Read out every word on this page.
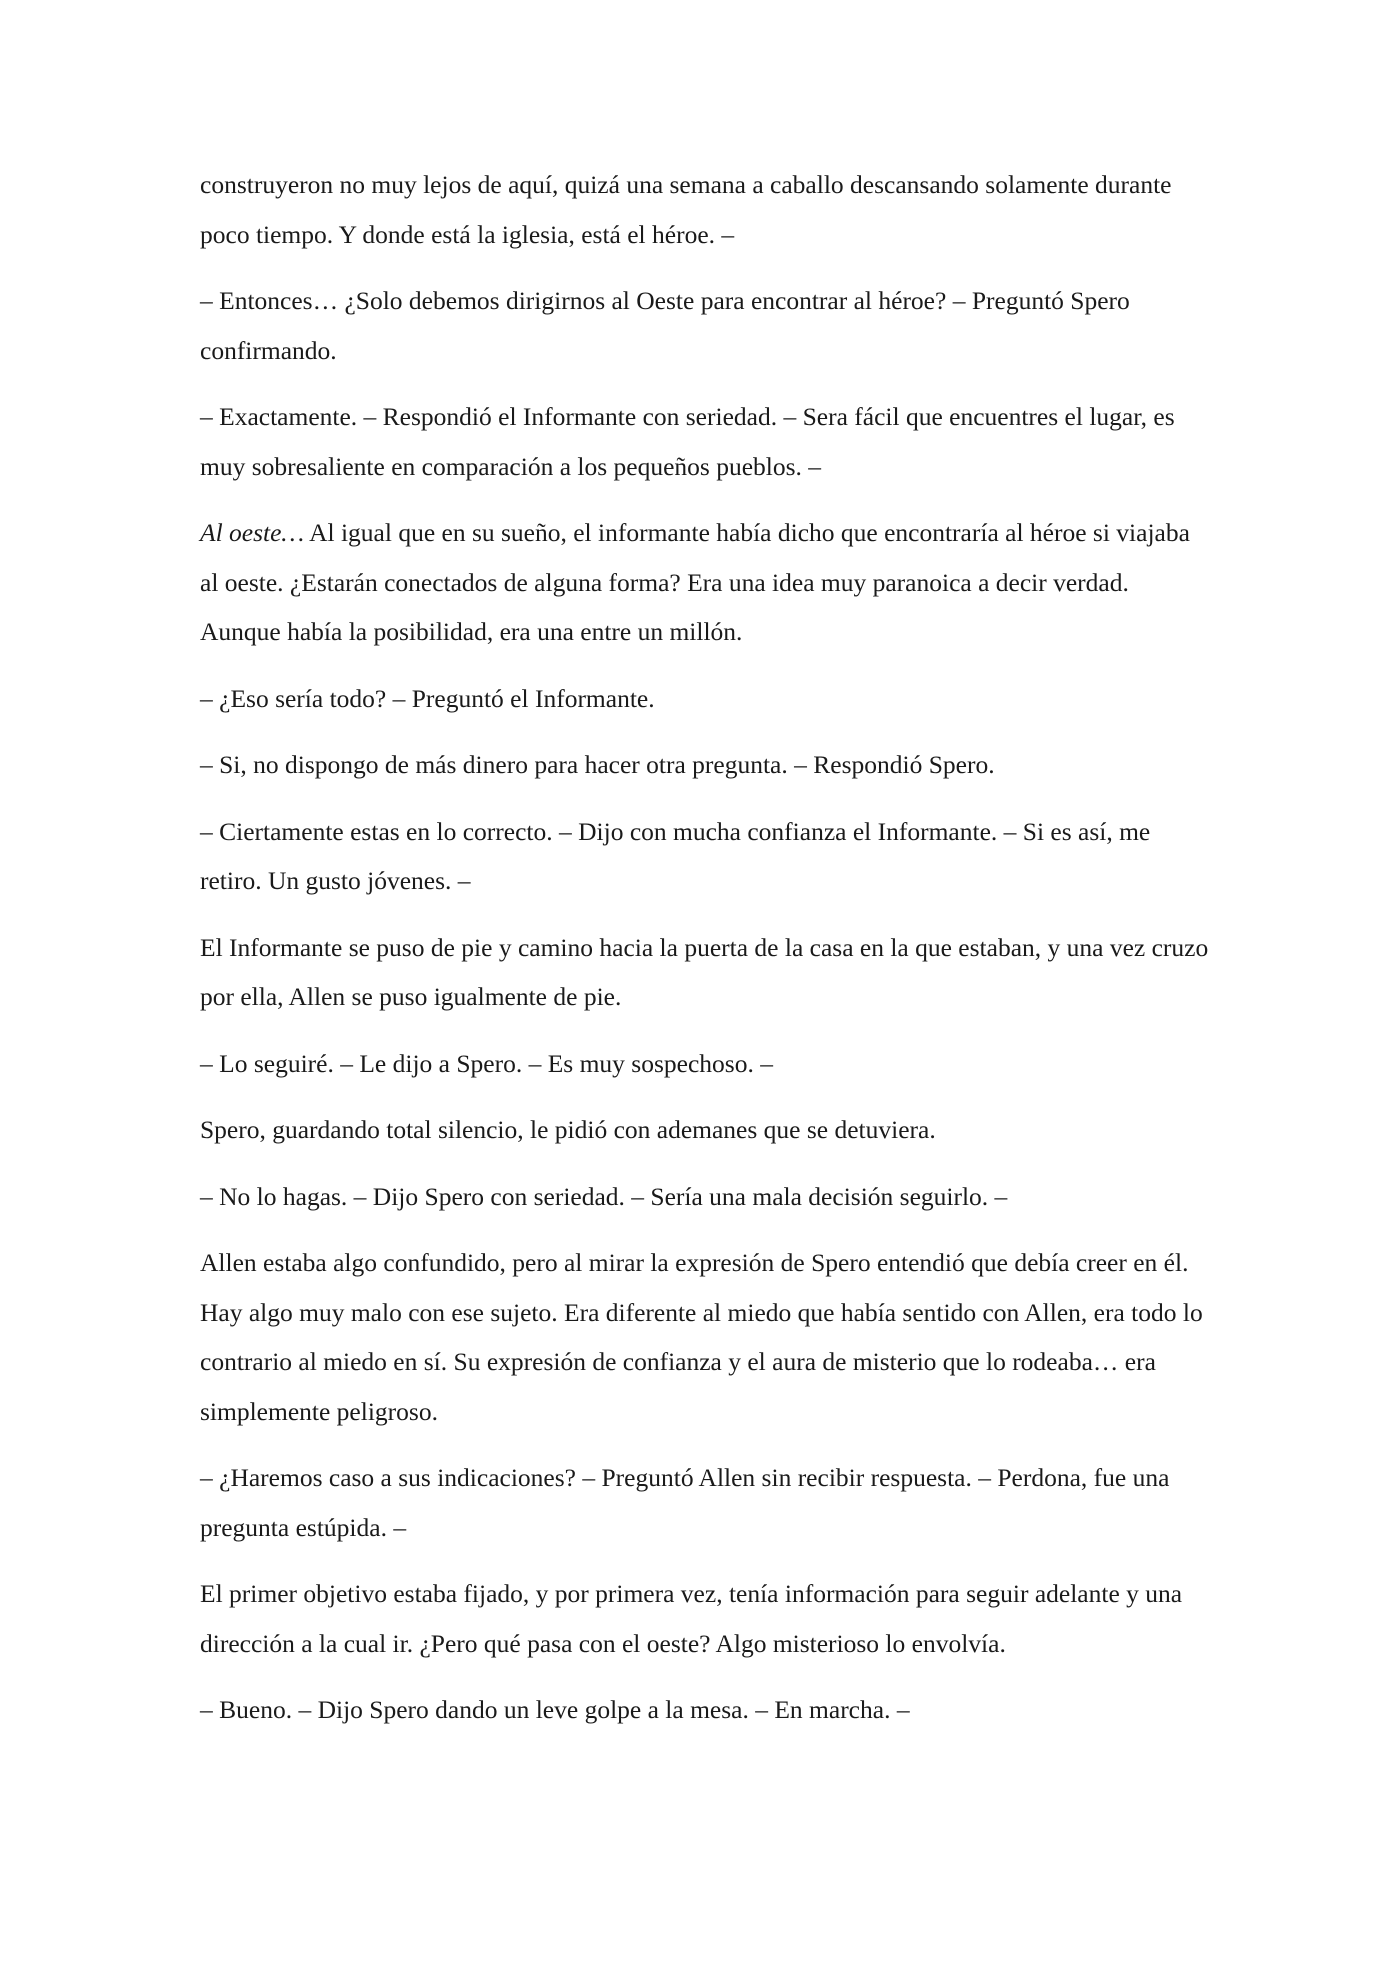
construyeron no muy lejos de aquí, quizá una semana a caballo descansando solamente durante poco tiempo. Y donde está la iglesia, está el héroe. –

– Entonces… ¿Solo debemos dirigirnos al Oeste para encontrar al héroe? – Preguntó Spero confirmando.

– Exactamente. – Respondió el Informante con seriedad. – Sera fácil que encuentres el lugar, es muy sobresaliente en comparación a los pequeños pueblos. –

Al oeste… Al igual que en su sueño, el informante había dicho que encontraría al héroe si viajaba al oeste. ¿Estarán conectados de alguna forma? Era una idea muy paranoica a decir verdad. Aunque había la posibilidad, era una entre un millón.

– ¿Eso sería todo? – Preguntó el Informante.

– Si, no dispongo de más dinero para hacer otra pregunta. – Respondió Spero.

– Ciertamente estas en lo correcto. – Dijo con mucha confianza el Informante. – Si es así, me retiro. Un gusto jóvenes. –

El Informante se puso de pie y camino hacia la puerta de la casa en la que estaban, y una vez cruzo por ella, Allen se puso igualmente de pie.

– Lo seguiré. – Le dijo a Spero. – Es muy sospechoso. –

Spero, guardando total silencio, le pidió con ademanes que se detuviera.

– No lo hagas. – Dijo Spero con seriedad. – Sería una mala decisión seguirlo. –

Allen estaba algo confundido, pero al mirar la expresión de Spero entendió que debía creer en él. Hay algo muy malo con ese sujeto. Era diferente al miedo que había sentido con Allen, era todo lo contrario al miedo en sí. Su expresión de confianza y el aura de misterio que lo rodeaba… era simplemente peligroso.

– ¿Haremos caso a sus indicaciones? – Preguntó Allen sin recibir respuesta. – Perdona, fue una pregunta estúpida. –

El primer objetivo estaba fijado, y por primera vez, tenía información para seguir adelante y una dirección a la cual ir. ¿Pero qué pasa con el oeste? Algo misterioso lo envolvía.

– Bueno. – Dijo Spero dando un leve golpe a la mesa. – En marcha. –
